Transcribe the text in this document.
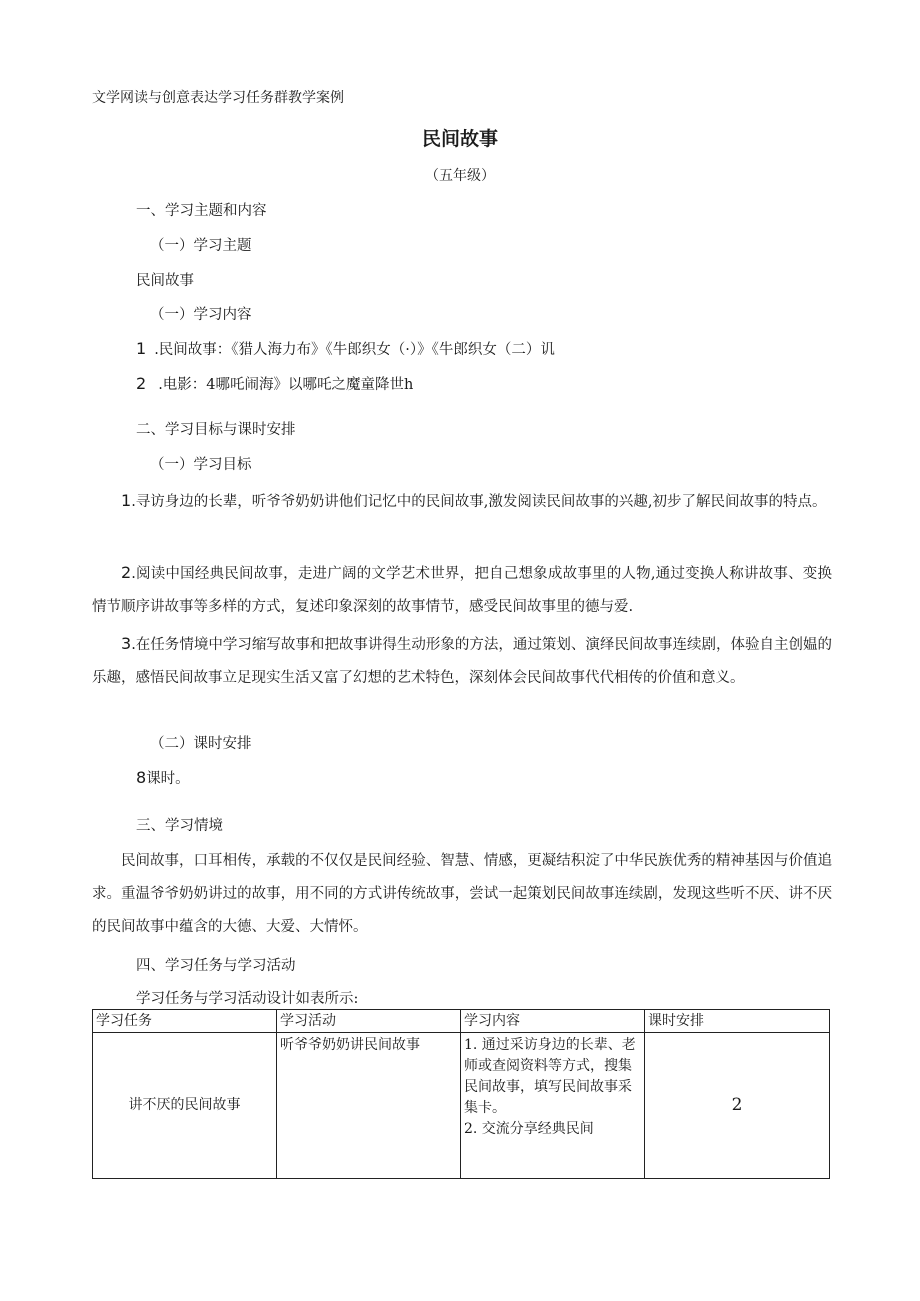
文学网读与创意表达学习任务群教学案例
民间故事
（五年级）
一、学习主题和内容
（一）学习主题
民间故事
（一）学习内容
1 .民间故事：《猎人海力布》《牛郎织女（·）》《牛郎织女（二）讥
2 .电影：4哪吒闹海》以哪吒之魔童降世h
二、学习目标与课时安排
（一）学习目标
1.寻访身边的长辈，听爷爷奶奶讲他们记忆中的民间故事,激发阅读民间故事的兴趣,初步了解民间故事的特点。
2.阅读中国经典民间故事，走进广阔的文学艺术世界，把自己想象成故事里的人物,通过变换人称讲故事、变换情节顺序讲故事等多样的方式，复述印象深刻的故事情节，感受民间故事里的德与爱.
3.在任务情境中学习缩写故事和把故事讲得生动形象的方法，通过策划、演绎民间故事连续剧，体验自主创媪的乐趣，感悟民间故事立足现实生活又富了幻想的艺术特色，深刻体会民间故事代代相传的价值和意义。
（二）课时安排
8课时。
三、学习情境
民间故事，口耳相传，承载的不仅仅是民间经验、智慧、情感，更凝结积淀了中华民族优秀的精神基因与价值追求。重温爷爷奶奶讲过的故事，用不同的方式讲传统故事，尝试一起策划民间故事连续剧，发现这些听不厌、讲不厌的民间故事中蕴含的大德、大爱、大情怀。
四、学习任务与学习活动
学习任务与学习活动设计如表所示:
学习任务	学习活动	学习内容	课时安排
讲不厌的民间故事	听爷爷奶奶讲民间故事	1. 通过采访身边的长辈、老师或查阅资料等方式，搜集民间故事，填写民间故事采集卡。
2. 交流分享经典民间	2
